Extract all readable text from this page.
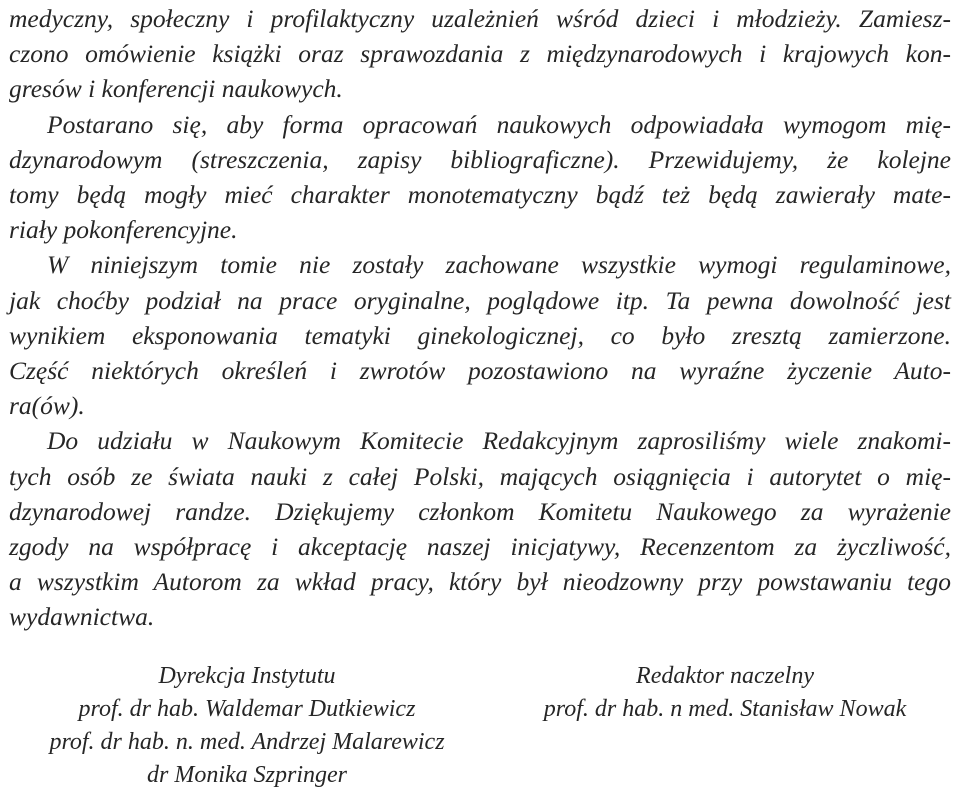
medyczny, społeczny i profilaktyczny uzależnień wśród dzieci i młodzieży. Zamiesz-
czono omówienie książki oraz sprawozdania z międzynarodowych i krajowych kon-
gresów i konferencji naukowych.
Postarano się, aby forma opracowań naukowych odpowiadała wymogom mię-
dzynarodowym (streszczenia, zapisy bibliograficzne). Przewidujemy, że kolejne
tomy będą mogły mieć charakter monotematyczny bądź też będą zawierały mate-
riały pokonferencyjne.
W niniejszym tomie nie zostały zachowane wszystkie wymogi regulaminowe,
jak choćby podział na prace oryginalne, poglądowe itp. Ta pewna dowolność jest
wynikiem eksponowania tematyki ginekologicznej, co było zresztą zamierzone.
Część niektórych określeń i zwrotów pozostawiono na wyraźne życzenie Auto-
ra(ów).
Do udziału w Naukowym Komitecie Redakcyjnym zaprosiliśmy wiele znakomi-
tych osób ze świata nauki z całej Polski, mających osiągnięcia i autorytet o mię-
dzynarodowej randze. Dziękujemy członkom Komitetu Naukowego za wyrażenie
zgody na współpracę i akceptację naszej inicjatywy, Recenzentom za życzliwość,
a wszystkim Autorom za wkład pracy, który był nieodzowny przy powstawaniu tego
wydawnictwa.
Dyrekcja Instytutu
prof. dr hab. Waldemar Dutkiewicz
prof. dr hab. n. med. Andrzej Malarewicz
dr Monika Szpringer
Redaktor naczelny
prof. dr hab. n med. Stanisław Nowak
